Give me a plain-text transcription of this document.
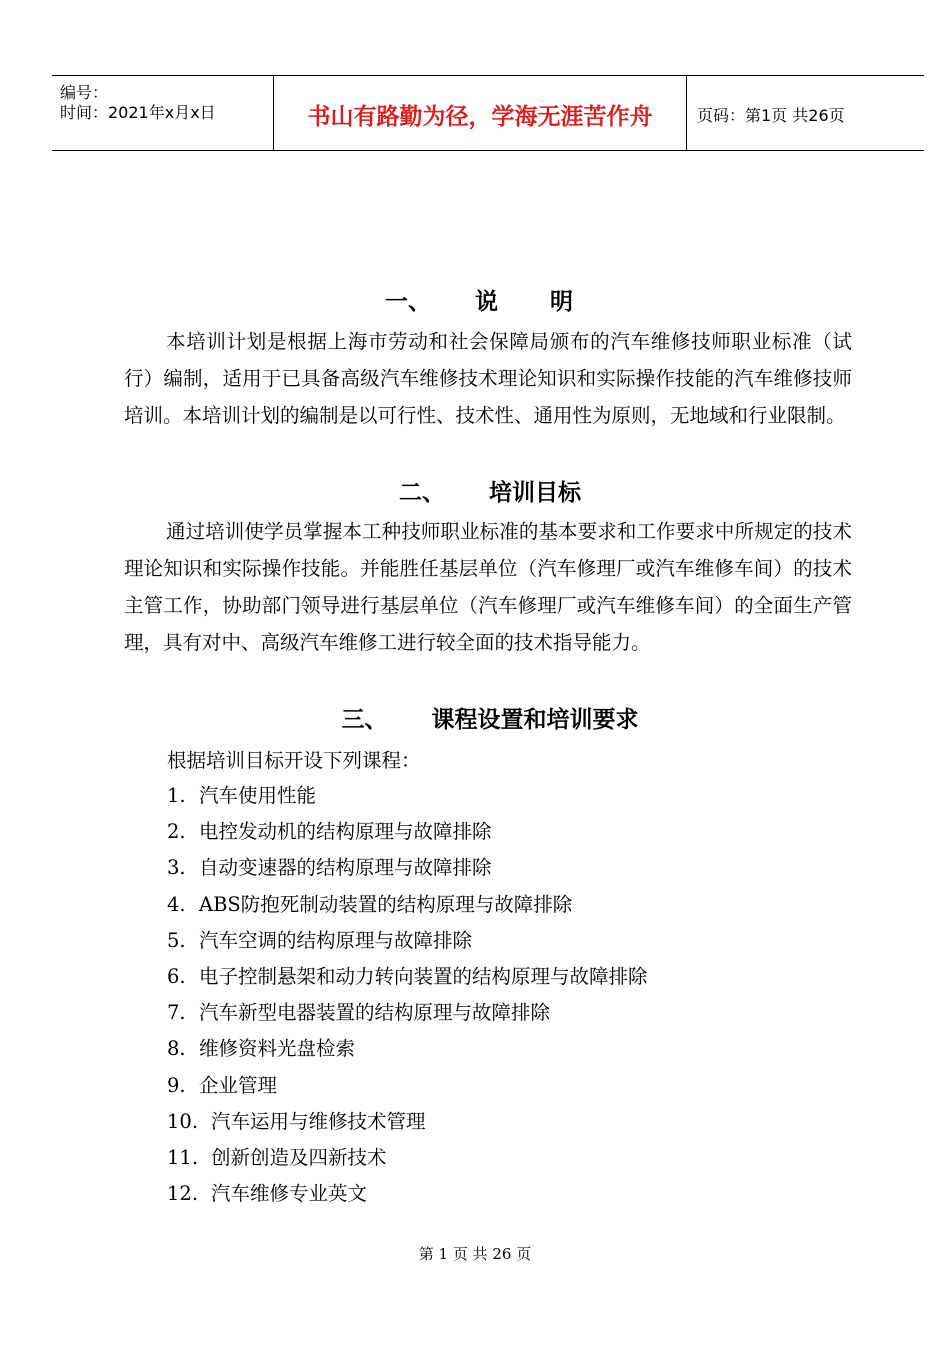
编号：
时间：2021年x月x日	书山有路勤为径，学海无涯苦作舟	页码：第1页 共26页
一、 说 明

本培训计划是根据上海市劳动和社会保障局颁布的汽车维修技师职业标准（试行）编制，适用于已具备高级汽车维修技术理论知识和实际操作技能的汽车维修技师培训。本培训计划的编制是以可行性、技术性、通用性为原则，无地域和行业限制。

二、 培训目标

通过培训使学员掌握本工种技师职业标准的基本要求和工作要求中所规定的技术理论知识和实际操作技能。并能胜任基层单位（汽车修理厂或汽车维修车间）的技术主管工作，协助部门领导进行基层单位（汽车修理厂或汽车维修车间）的全面生产管理，具有对中、高级汽车维修工进行较全面的技术指导能力。

三、 课程设置和培训要求
根据培训目标开设下列课程：
1. 汽车使用性能
2. 电控发动机的结构原理与故障排除
3. 自动变速器的结构原理与故障排除
4. ABS防抱死制动装置的结构原理与故障排除
5. 汽车空调的结构原理与故障排除
6. 电子控制悬架和动力转向装置的结构原理与故障排除
7. 汽车新型电器装置的结构原理与故障排除
8. 维修资料光盘检索
9. 企业管理
10. 汽车运用与维修技术管理
11. 创新创造及四新技术
12. 汽车维修专业英文
第 1 页 共 26 页
